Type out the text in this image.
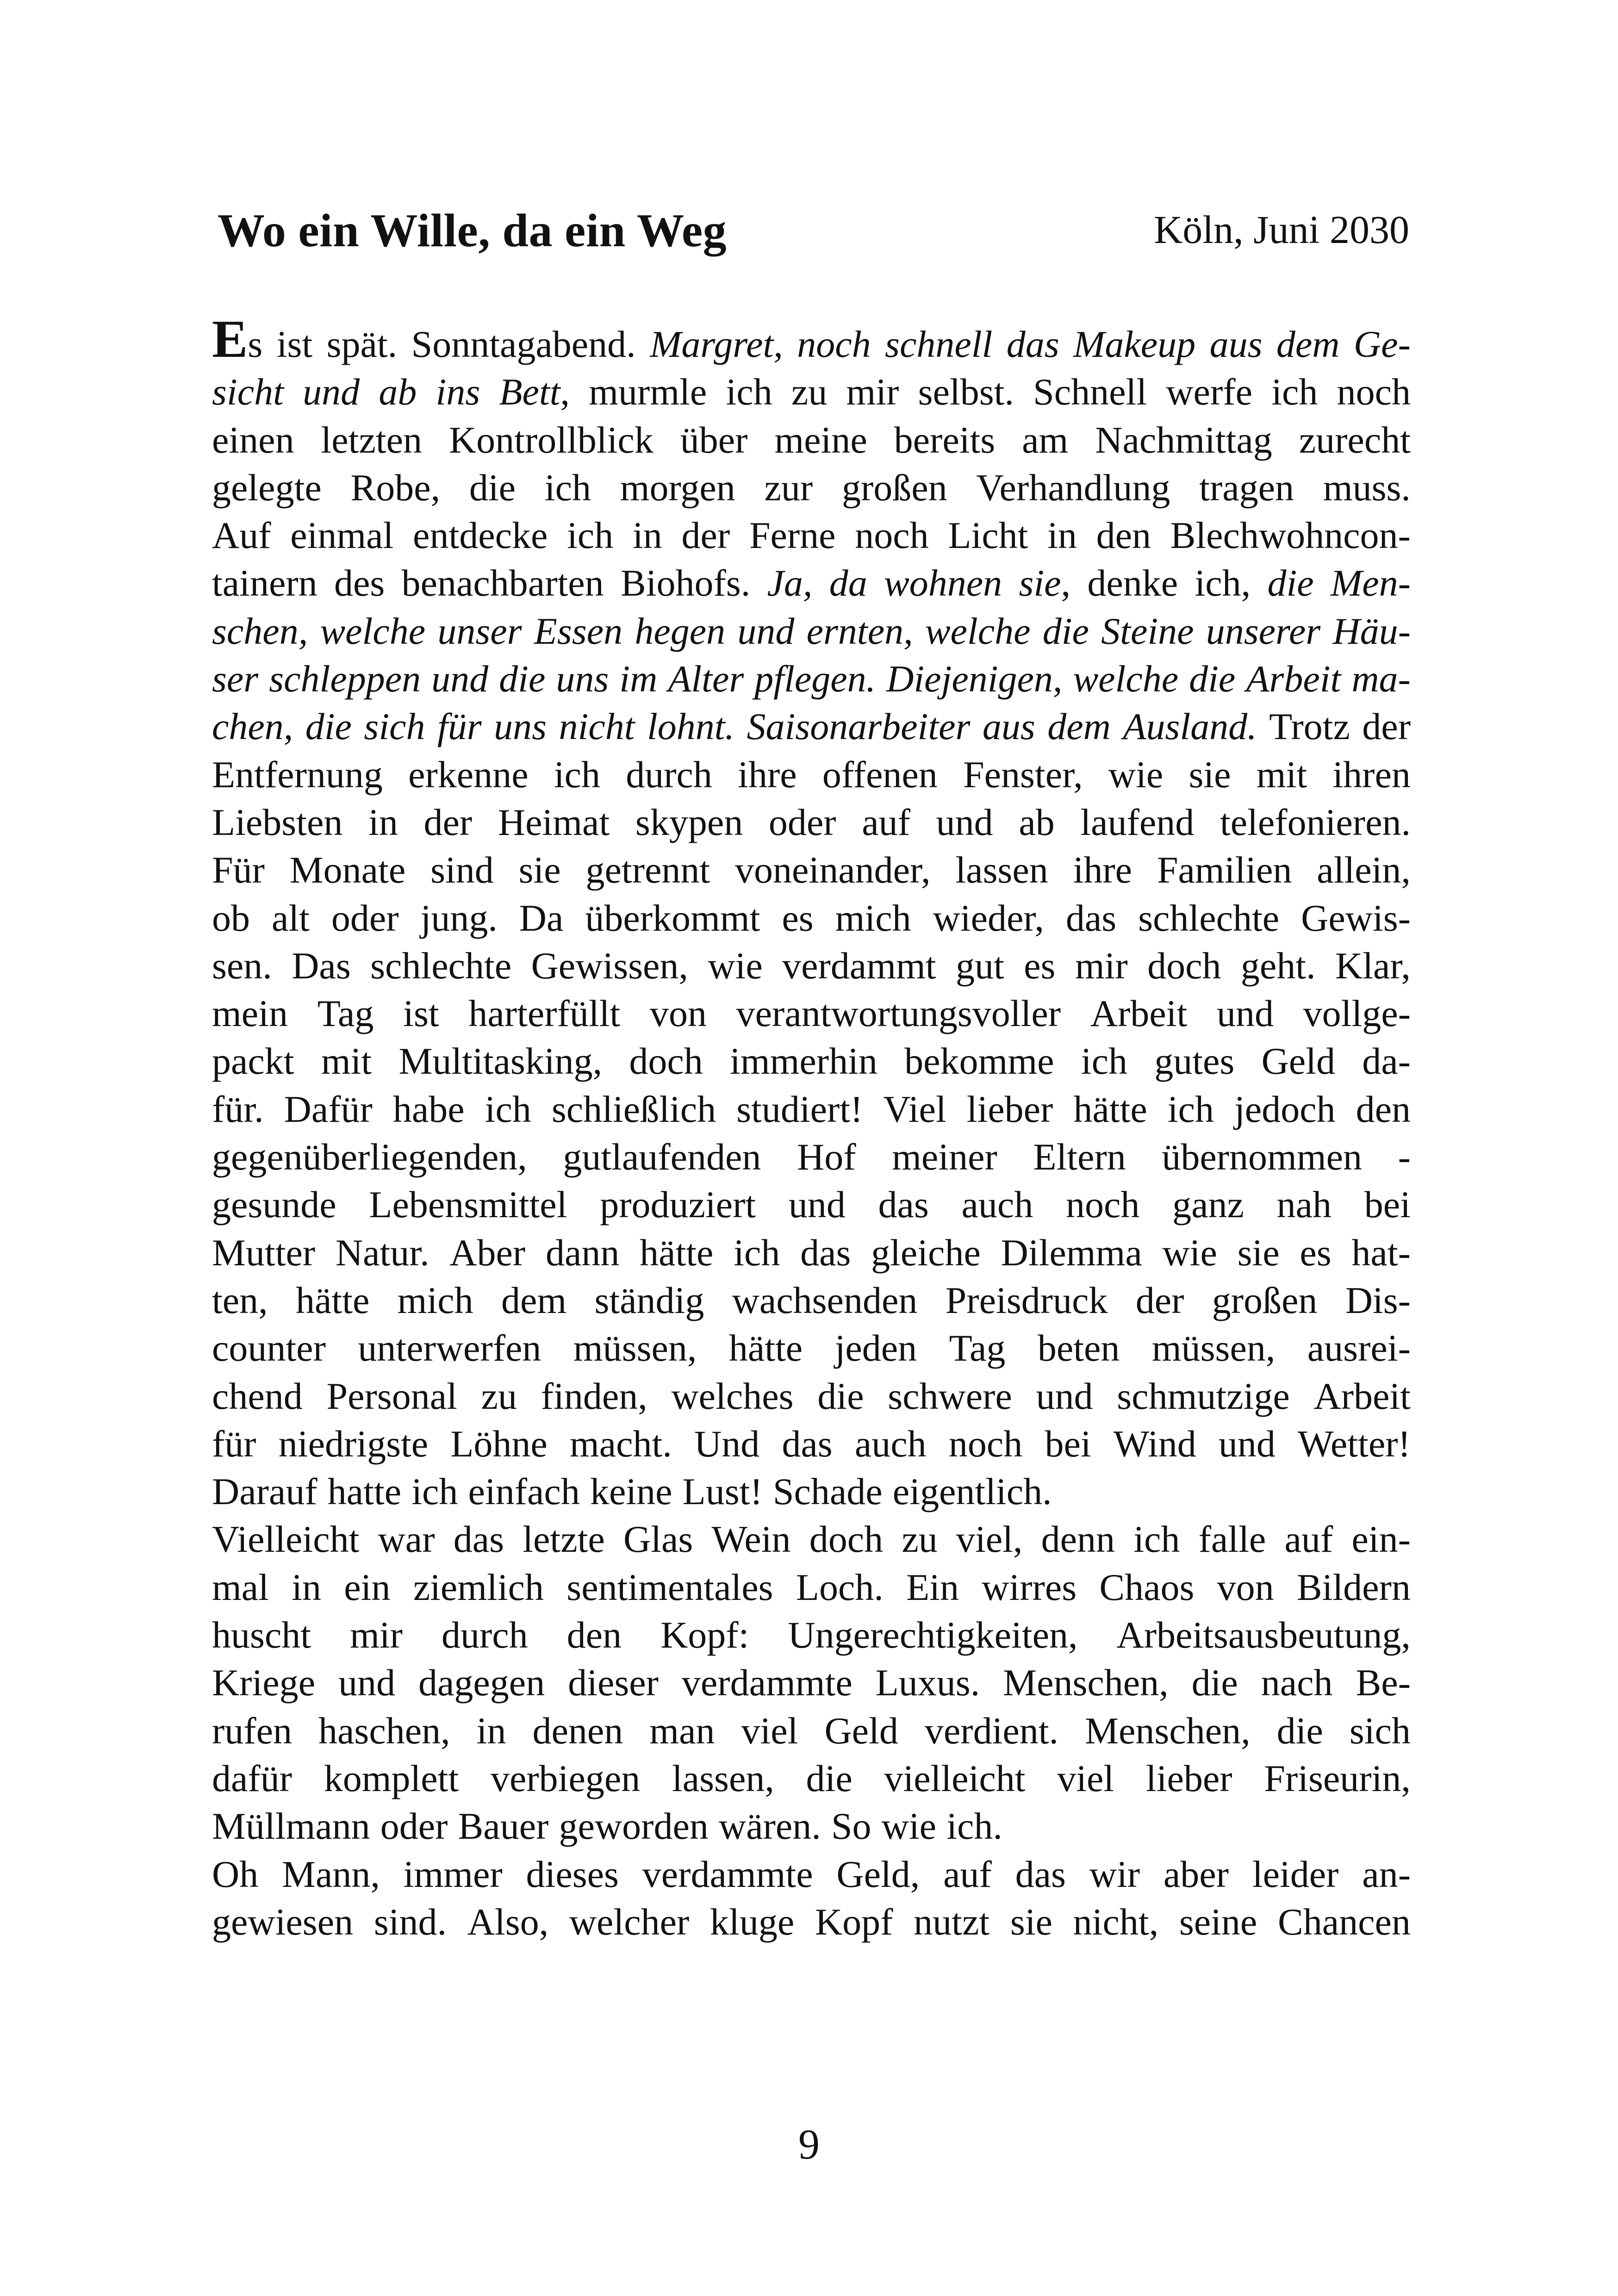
Wo ein Wille, da ein Weg	Köln, Juni 2030
Es ist spät. Sonntagabend. Margret, noch schnell das Makeup aus dem Ge-
sicht und ab ins Bett, murmle ich zu mir selbst. Schnell werfe ich noch
einen letzten Kontrollblick über meine bereits am Nachmittag zurecht
gelegte Robe, die ich morgen zur großen Verhandlung tragen muss.
Auf einmal entdecke ich in der Ferne noch Licht in den Blechwohncon-
tainern des benachbarten Biohofs. Ja, da wohnen sie, denke ich, die Men-
schen, welche unser Essen hegen und ernten, welche die Steine unserer Häu-
ser schleppen und die uns im Alter pflegen. Diejenigen, welche die Arbeit ma-
chen, die sich für uns nicht lohnt. Saisonarbeiter aus dem Ausland. Trotz der
Entfernung erkenne ich durch ihre offenen Fenster, wie sie mit ihren
Liebsten in der Heimat skypen oder auf und ab laufend telefonieren.
Für Monate sind sie getrennt voneinander, lassen ihre Familien allein,
ob alt oder jung. Da überkommt es mich wieder, das schlechte Gewis-
sen. Das schlechte Gewissen, wie verdammt gut es mir doch geht. Klar,
mein Tag ist harterfüllt von verantwortungsvoller Arbeit und vollge-
packt mit Multitasking, doch immerhin bekomme ich gutes Geld da-
für. Dafür habe ich schließlich studiert! Viel lieber hätte ich jedoch den
gegenüberliegenden, gutlaufenden Hof meiner Eltern übernommen -
gesunde Lebensmittel produziert und das auch noch ganz nah bei
Mutter Natur. Aber dann hätte ich das gleiche Dilemma wie sie es hat-
ten, hätte mich dem ständig wachsenden Preisdruck der großen Dis-
counter unterwerfen müssen, hätte jeden Tag beten müssen, ausrei-
chend Personal zu finden, welches die schwere und schmutzige Arbeit
für niedrigste Löhne macht. Und das auch noch bei Wind und Wetter!
Darauf hatte ich einfach keine Lust! Schade eigentlich.
Vielleicht war das letzte Glas Wein doch zu viel, denn ich falle auf ein-
mal in ein ziemlich sentimentales Loch. Ein wirres Chaos von Bildern
huscht mir durch den Kopf: Ungerechtigkeiten, Arbeitsausbeutung,
Kriege und dagegen dieser verdammte Luxus. Menschen, die nach Be-
rufen haschen, in denen man viel Geld verdient. Menschen, die sich
dafür komplett verbiegen lassen, die vielleicht viel lieber Friseurin,
Müllmann oder Bauer geworden wären. So wie ich.
Oh Mann, immer dieses verdammte Geld, auf das wir aber leider an-
gewiesen sind. Also, welcher kluge Kopf nutzt sie nicht, seine Chancen
9
